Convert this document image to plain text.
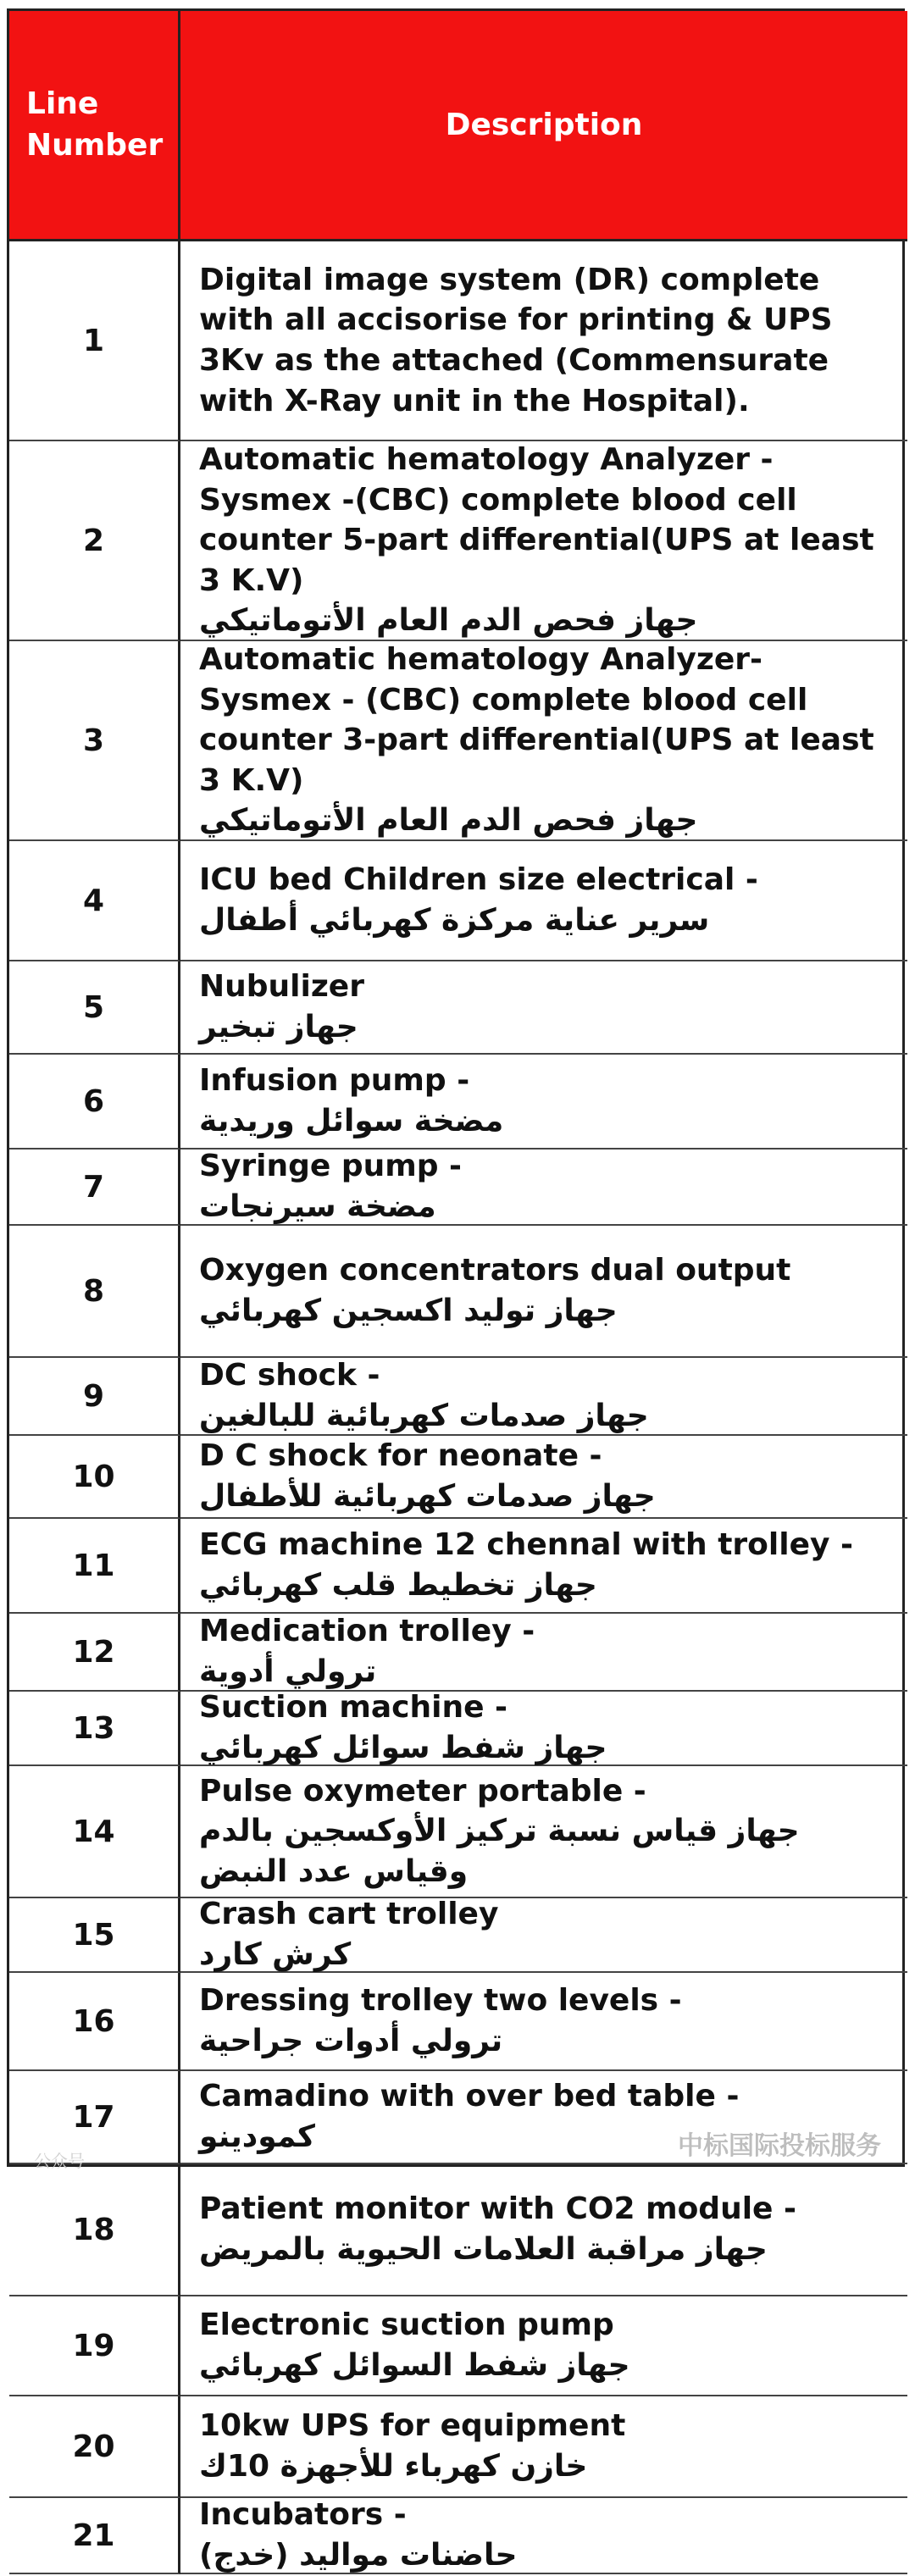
Line Number
Description
1
Digital image system (DR) complete with all accisorise for printing & UPS 3Kv as the attached (Commensurate with X-Ray unit in the Hospital).
2
Automatic hematology Analyzer - Sysmex -(CBC) complete blood cell counter 5-part differential(UPS at least 3 K.V)
جهاز فحص الدم العام الأتوماتيكي
3
Automatic hematology Analyzer- Sysmex - (CBC) complete blood cell counter 3-part differential(UPS at least 3 K.V)
جهاز فحص الدم العام الأتوماتيكي
4
ICU bed Children size electrical -
سرير عناية مركزة كهربائي أطفال
5
Nubulizer
جهاز تبخير
6
Infusion pump -
مضخة سوائل وريدية
7
Syringe pump -
مضخة سيرنجات
8
Oxygen concentrators dual output
جهاز توليد اكسجين كهربائي
9
DC shock -
جهاز صدمات كهربائية للبالغين
10
D C shock for neonate -
جهاز صدمات كهربائية للأطفال
11
ECG machine 12 chennal with trolley -
جهاز تخطيط قلب كهربائي
12
Medication trolley -
ترولي أدوية
13
Suction machine -
جهاز شفط سوائل كهربائي
14
Pulse oxymeter portable -
جهاز قياس نسبة تركيز الأوكسجين بالدم وقياس عدد النبض
15
Crash cart trolley
كرش كارد
16
Dressing trolley two levels -
ترولي أدوات جراحية
17
Camadino with over bed table -
كمودينو
18
Patient monitor with CO2 module -
جهاز مراقبة العلامات الحيوية بالمريض
19
Electronic suction pump
جهاز شفط السوائل كهربائي
20
10kw UPS for equipment
خازن كهرباء للأجهزة 10ك
21
Incubators -
حاضنات مواليد (خدج)
公众号	中标国际投标服务
